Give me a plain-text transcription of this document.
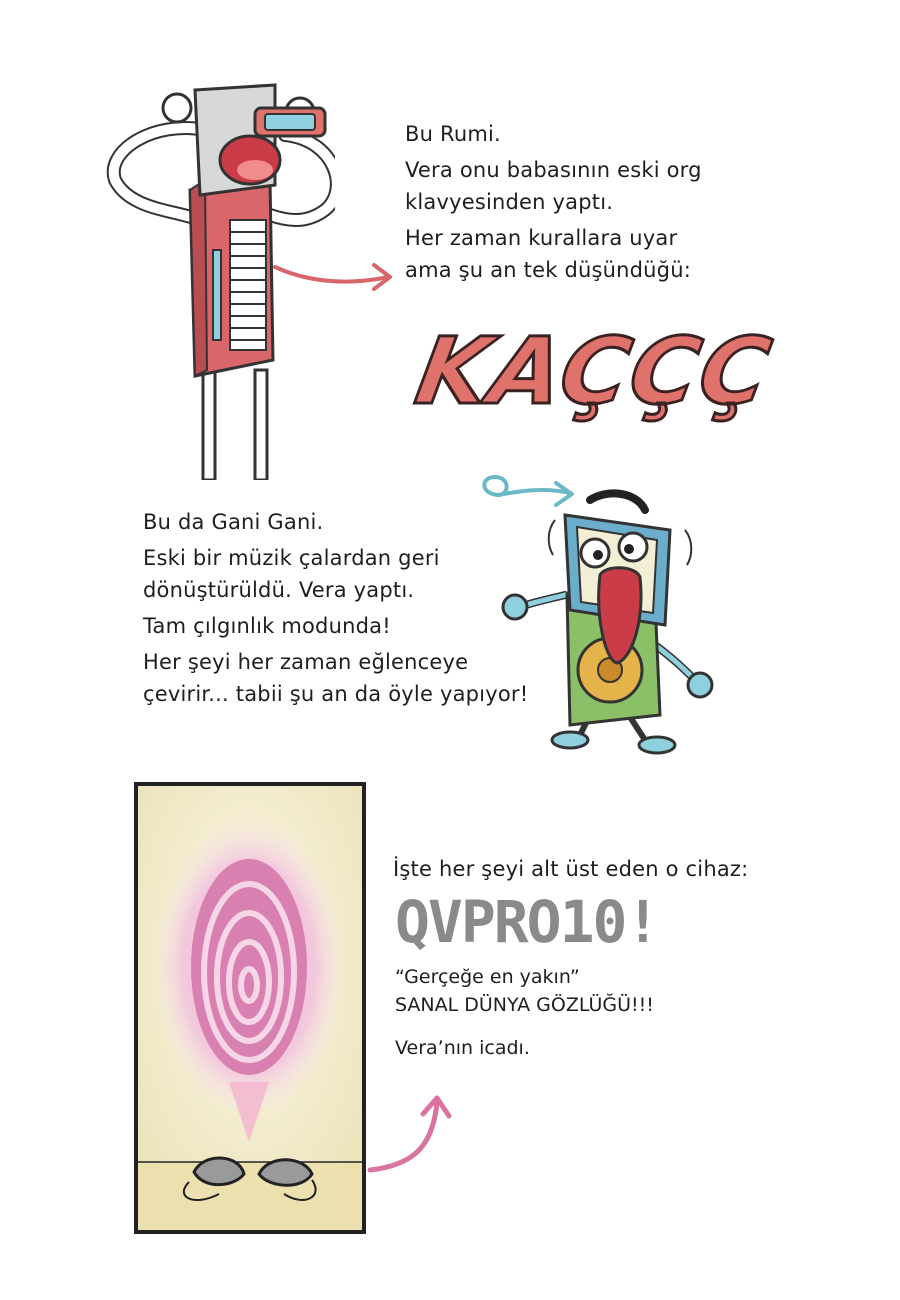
Bu Rumi.

Vera onu babasının eski org

klavyesinden yaptı.

Her zaman kurallara uyar

ama şu an tek düşündüğü:

KAÇÇÇ

Bu da Gani Gani.

Eski bir müzik çalardan geri

dönüştürüldü. Vera yaptı.

Tam çılgınlık modunda!

Her şeyi her zaman eğlenceye

çevirir... tabii şu an da öyle yapıyor!

İşte her şeyi alt üst eden o cihaz:
QVPRO10!

“Gerçeğe en yakın”

SANAL DÜNYA GÖZLÜĞÜ!!!

Vera’nın icadı.
